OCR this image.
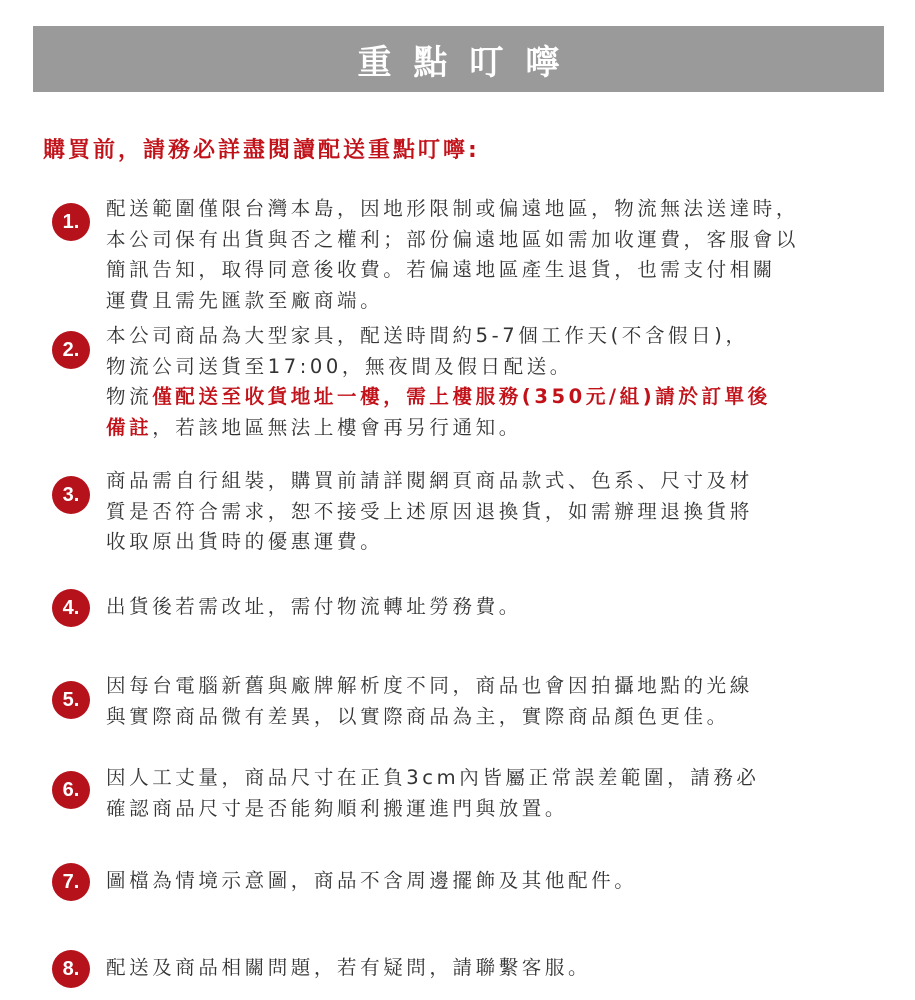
重點叮嚀
購買前，請務必詳盡閱讀配送重點叮嚀:
1.
配送範圍僅限台灣本島，因地形限制或偏遠地區，物流無法送達時，
本公司保有出貨與否之權利；部份偏遠地區如需加收運費，客服會以
簡訊告知，取得同意後收費。若偏遠地區產生退貨，也需支付相關
運費且需先匯款至廠商端。
2.
本公司商品為大型家具，配送時間約5-7個工作天(不含假日)，
物流公司送貨至17:00，無夜間及假日配送。
物流僅配送至收貨地址一樓，需上樓服務(350元/組)請於訂單後
備註，若該地區無法上樓會再另行通知。
3.
商品需自行組裝，購買前請詳閱網頁商品款式、色系、尺寸及材
質是否符合需求，恕不接受上述原因退換貨，如需辦理退換貨將
收取原出貨時的優惠運費。
4.	出貨後若需改址，需付物流轉址勞務費。
5.
因每台電腦新舊與廠牌解析度不同，商品也會因拍攝地點的光線
與實際商品微有差異，以實際商品為主，實際商品顏色更佳。
6.
因人工丈量，商品尺寸在正負3cm內皆屬正常誤差範圍，請務必
確認商品尺寸是否能夠順利搬運進門與放置。
7.	圖檔為情境示意圖，商品不含周邊擺飾及其他配件。
8.	配送及商品相關問題，若有疑問，請聯繫客服。
